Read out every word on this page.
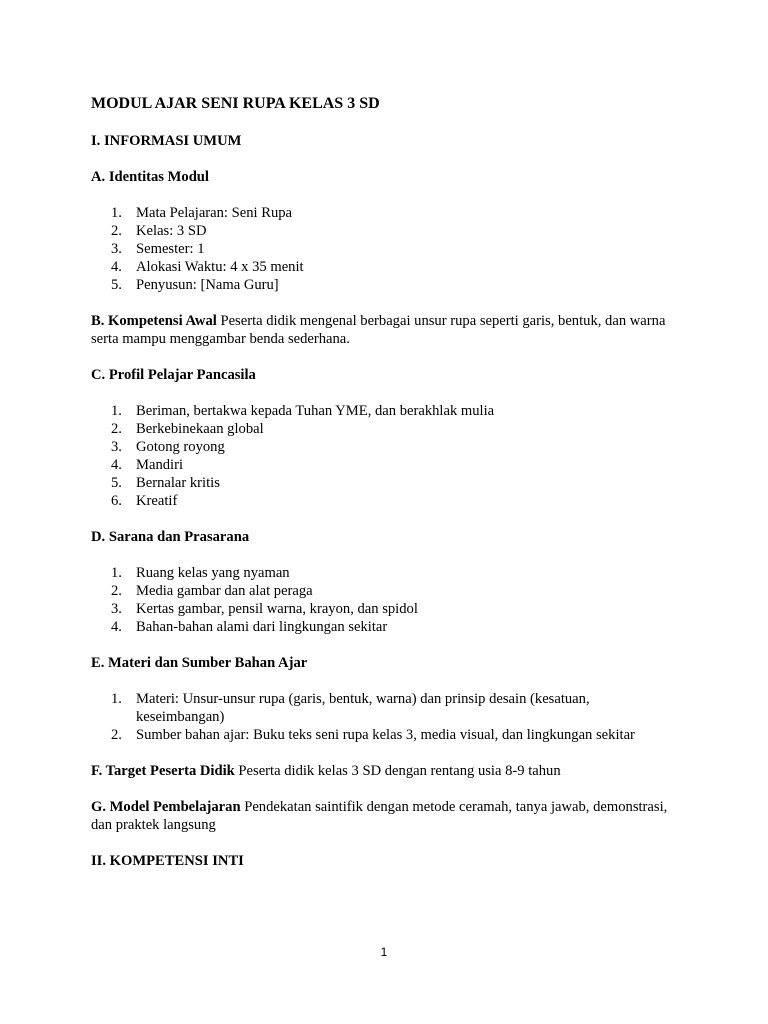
MODUL AJAR SENI RUPA KELAS 3 SD
I. INFORMASI UMUM
A. Identitas Modul
1. Mata Pelajaran: Seni Rupa
2. Kelas: 3 SD
3. Semester: 1
4. Alokasi Waktu: 4 x 35 menit
5. Penyusun: [Nama Guru]

B. Kompetensi Awal Peserta didik mengenal berbagai unsur rupa seperti garis, bentuk, dan warna serta mampu menggambar benda sederhana.

C. Profil Pelajar Pancasila
1. Beriman, bertakwa kepada Tuhan YME, dan berakhlak mulia
2. Berkebinekaan global
3. Gotong royong
4. Mandiri
5. Bernalar kritis
6. Kreatif
D. Sarana dan Prasarana
1. Ruang kelas yang nyaman
2. Media gambar dan alat peraga
3. Kertas gambar, pensil warna, krayon, dan spidol
4. Bahan-bahan alami dari lingkungan sekitar
E. Materi dan Sumber Bahan Ajar
1. Materi: Unsur-unsur rupa (garis, bentuk, warna) dan prinsip desain (kesatuan, keseimbangan)
2. Sumber bahan ajar: Buku teks seni rupa kelas 3, media visual, dan lingkungan sekitar

F. Target Peserta Didik Peserta didik kelas 3 SD dengan rentang usia 8-9 tahun

G. Model Pembelajaran Pendekatan saintifik dengan metode ceramah, tanya jawab, demonstrasi, dan praktek langsung

II. KOMPETENSI INTI
1
